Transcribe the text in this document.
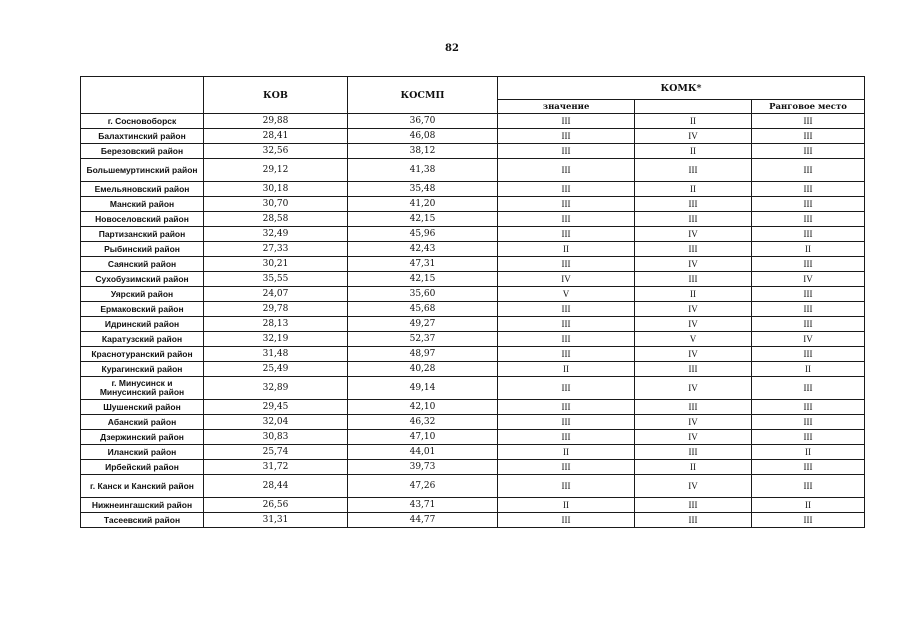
82
	КОВ	КОСМП	КОМК*		
			значение		Ранговое место
г. Сосновоборск	29,88	36,70	III	II	III
Балахтинский район	28,41	46,08	III	IV	III
Березовский район	32,56	38,12	III	II	III
Большемуртинский район	29,12	41,38	III	III	III
Емельяновский район	30,18	35,48	III	II	III
Манский район	30,70	41,20	III	III	III
Новоселовский район	28,58	42,15	III	III	III
Партизанский район	32,49	45,96	III	IV	III
Рыбинский район	27,33	42,43	II	III	II
Саянский район	30,21	47,31	III	IV	III
Сухобузимский район	35,55	42,15	IV	III	IV
Уярский район	24,07	35,60	V	II	III
Ермаковский район	29,78	45,68	III	IV	III
Идринский район	28,13	49,27	III	IV	III
Каратузский район	32,19	52,37	III	V	IV
Краснотуранский район	31,48	48,97	III	IV	III
Курагинский район	25,49	40,28	II	III	II
г. Минусинск и Минусинский район	32,89	49,14	III	IV	III
Шушенский район	29,45	42,10	III	III	III
Абанский район	32,04	46,32	III	IV	III
Дзержинский район	30,83	47,10	III	IV	III
Иланский район	25,74	44,01	II	III	II
Ирбейский район	31,72	39,73	III	II	III
г. Канск и Канский район	28,44	47,26	III	IV	III
Нижнеингашский район	26,56	43,71	II	III	II
Тасеевский район	31,31	44,77	III	III	III
